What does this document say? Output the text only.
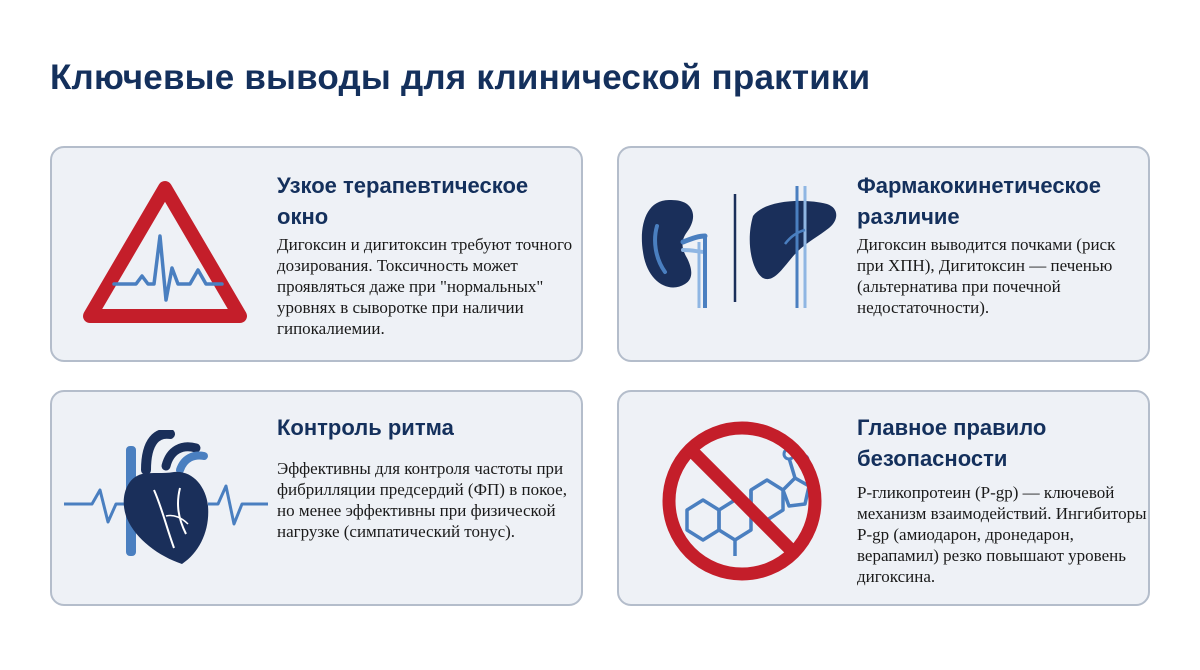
Ключевые выводы для клинической практики
Узкое терапевтическое окно

Дигоксин и дигитоксин требуют точного дозирования. Токсичность может проявляться даже при "нормальных" уровнях в сыворотке при наличии гипокалиемии.

Фармакокинетическое различие

Дигоксин выводится почками (риск при ХПН), Дигитоксин — печенью (альтернатива при почечной недостаточности).

Контроль ритма

Эффективны для контроля частоты при фибрилляции предсердий (ФП) в покое, но менее эффективны при физической нагрузке (симпатический тонус).

Главное правило безопасности

P-гликопротеин (P-gp) — ключевой механизм взаимодействий. Ингибиторы P-gp (амиодарон, дронедарон, верапамил) резко повышают уровень дигоксина.
